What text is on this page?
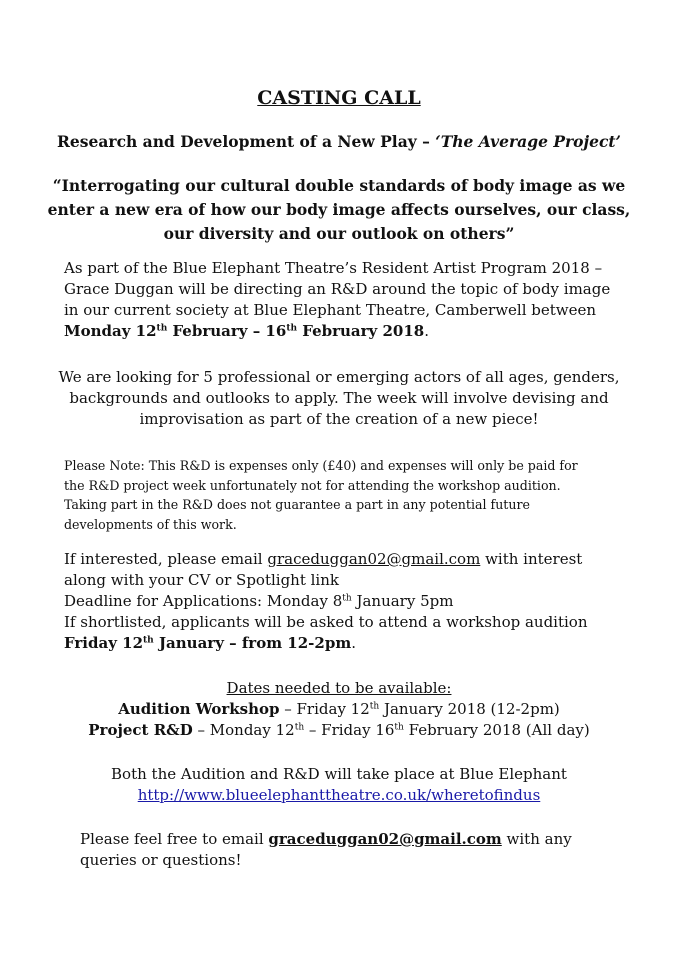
CASTING CALL
Research and Development of a New Play – ‘The Average Project’
“Interrogating our cultural double standards of body image as we
enter a new era of how our body image affects ourselves, our class,
our diversity and our outlook on others”
As part of the Blue Elephant Theatre’s Resident Artist Program 2018 –
Grace Duggan will be directing an R&D around the topic of body image
in our current society at Blue Elephant Theatre, Camberwell between
Monday 12th February – 16th February 2018.
We are looking for 5 professional or emerging actors of all ages, genders,
backgrounds and outlooks to apply. The week will involve devising and
improvisation as part of the creation of a new piece!
Please Note: This R&D is expenses only (£40) and expenses will only be paid for
the R&D project week unfortunately not for attending the workshop audition.
Taking part in the R&D does not guarantee a part in any potential future
developments of this work.
If interested, please email graceduggan02@gmail.com with interest
along with your CV or Spotlight link
Deadline for Applications: Monday 8th January 5pm
If shortlisted, applicants will be asked to attend a workshop audition
Friday 12th January – from 12-2pm.
Dates needed to be available:
Audition Workshop – Friday 12th January 2018 (12-2pm)
Project R&D – Monday 12th – Friday 16th February 2018 (All day)
Both the Audition and R&D will take place at Blue Elephant
http://www.blueelephanttheatre.co.uk/wheretofindus
Please feel free to email graceduggan02@gmail.com with any
queries or questions!
